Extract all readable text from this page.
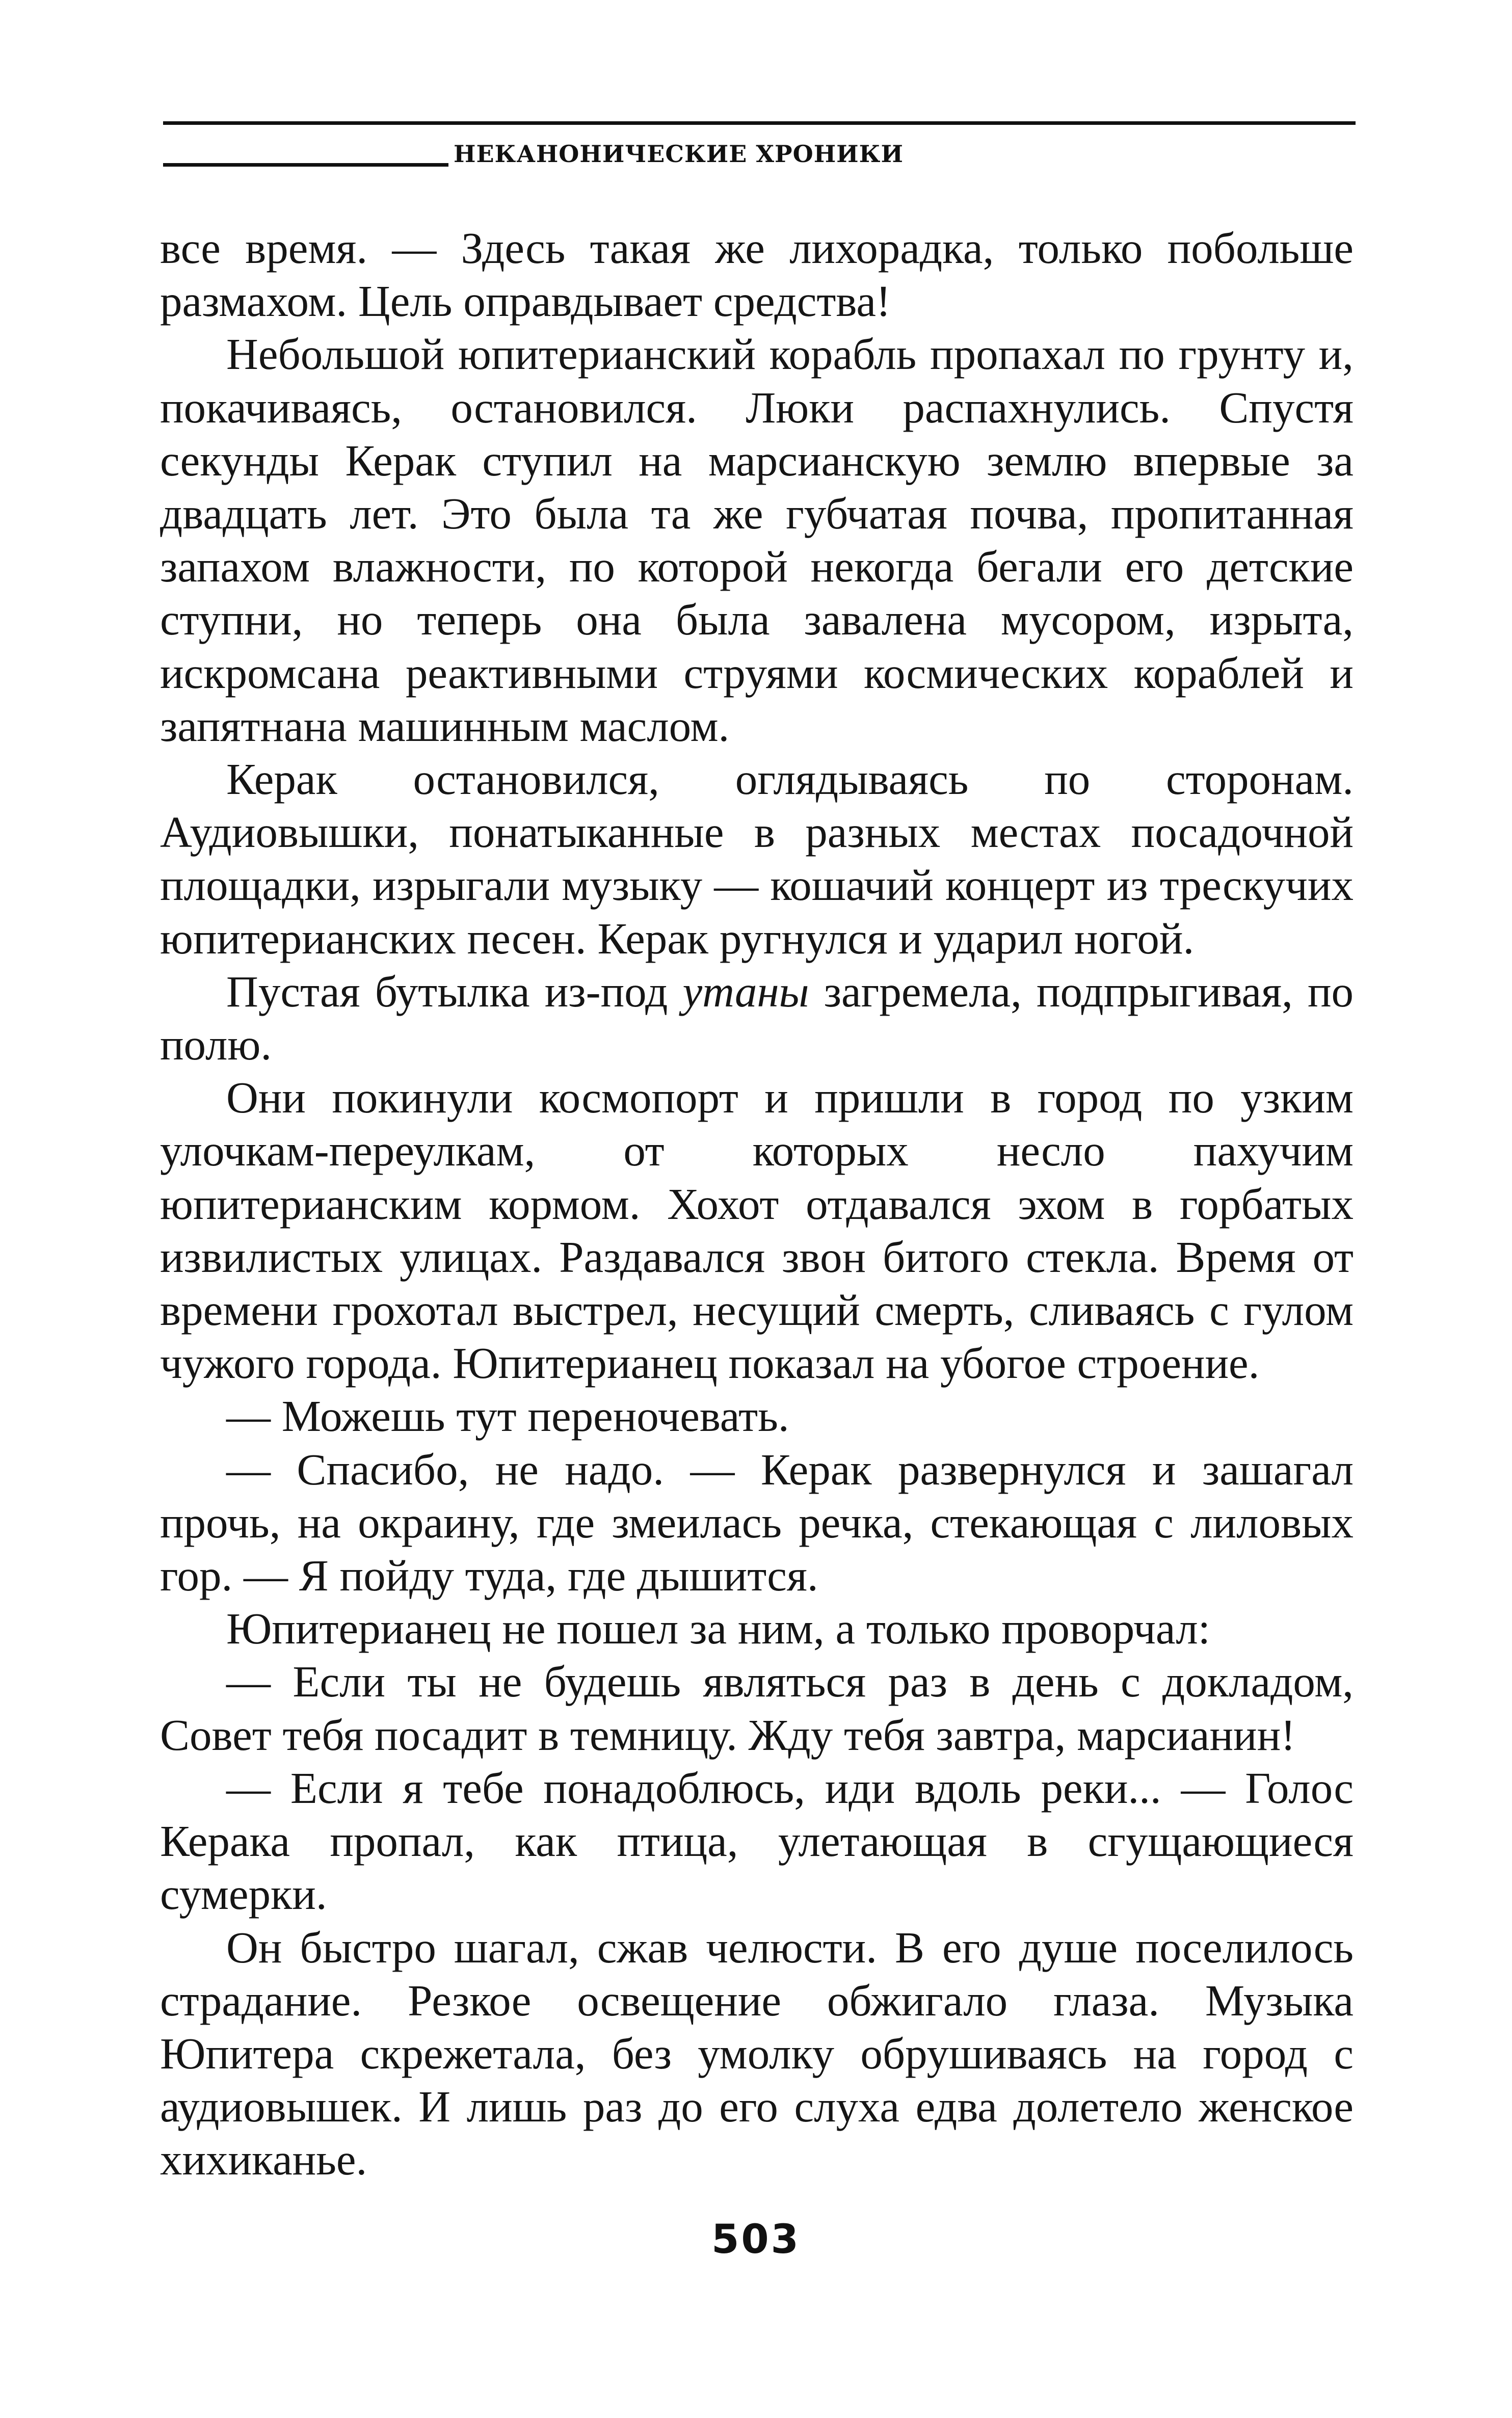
НЕКАНОНИЧЕСКИЕ ХРОНИКИ

все время. — Здесь такая же лихорадка, только побольше размахом. Цель оправдывает средства!

Небольшой юпитерианский корабль пропахал по грунту и, покачиваясь, остановился. Люки распахнулись. Спустя секунды Керак ступил на марсианскую землю впервые за двадцать лет. Это была та же губчатая почва, пропитанная запахом влажности, по которой некогда бегали его детские ступни, но теперь она была завалена мусором, изрыта, искромсана реактивными струями космических кораблей и запятнана машинным маслом.

Керак остановился, оглядываясь по сторонам. Аудиовышки, понатыканные в разных местах посадочной площадки, изрыгали музыку — кошачий концерт из трескучих юпитерианских песен. Керак ругнулся и ударил ногой.

Пустая бутылка из-под утаны загремела, подпрыгивая, по полю.

Они покинули космопорт и пришли в город по узким улочкам-переулкам, от которых несло пахучим юпитерианским кормом. Хохот отдавался эхом в горбатых извилистых улицах. Раздавался звон битого стекла. Время от времени грохотал выстрел, несущий смерть, сливаясь с гулом чужого города. Юпитерианец показал на убогое строение.

— Можешь тут переночевать.

— Спасибо, не надо. — Керак развернулся и зашагал прочь, на окраину, где змеилась речка, стекающая с лиловых гор. — Я пойду туда, где дышится.

Юпитерианец не пошел за ним, а только проворчал:

— Если ты не будешь являться раз в день с докладом, Совет тебя посадит в темницу. Жду тебя завтра, марсианин!

— Если я тебе понадоблюсь, иди вдоль реки... — Голос Керака пропал, как птица, улетающая в сгущающиеся сумерки.

Он быстро шагал, сжав челюсти. В его душе поселилось страдание. Резкое освещение обжигало глаза. Музыка Юпитера скрежетала, без умолку обрушиваясь на город с аудиовышек. И лишь раз до его слуха едва долетело женское хихиканье.

503
